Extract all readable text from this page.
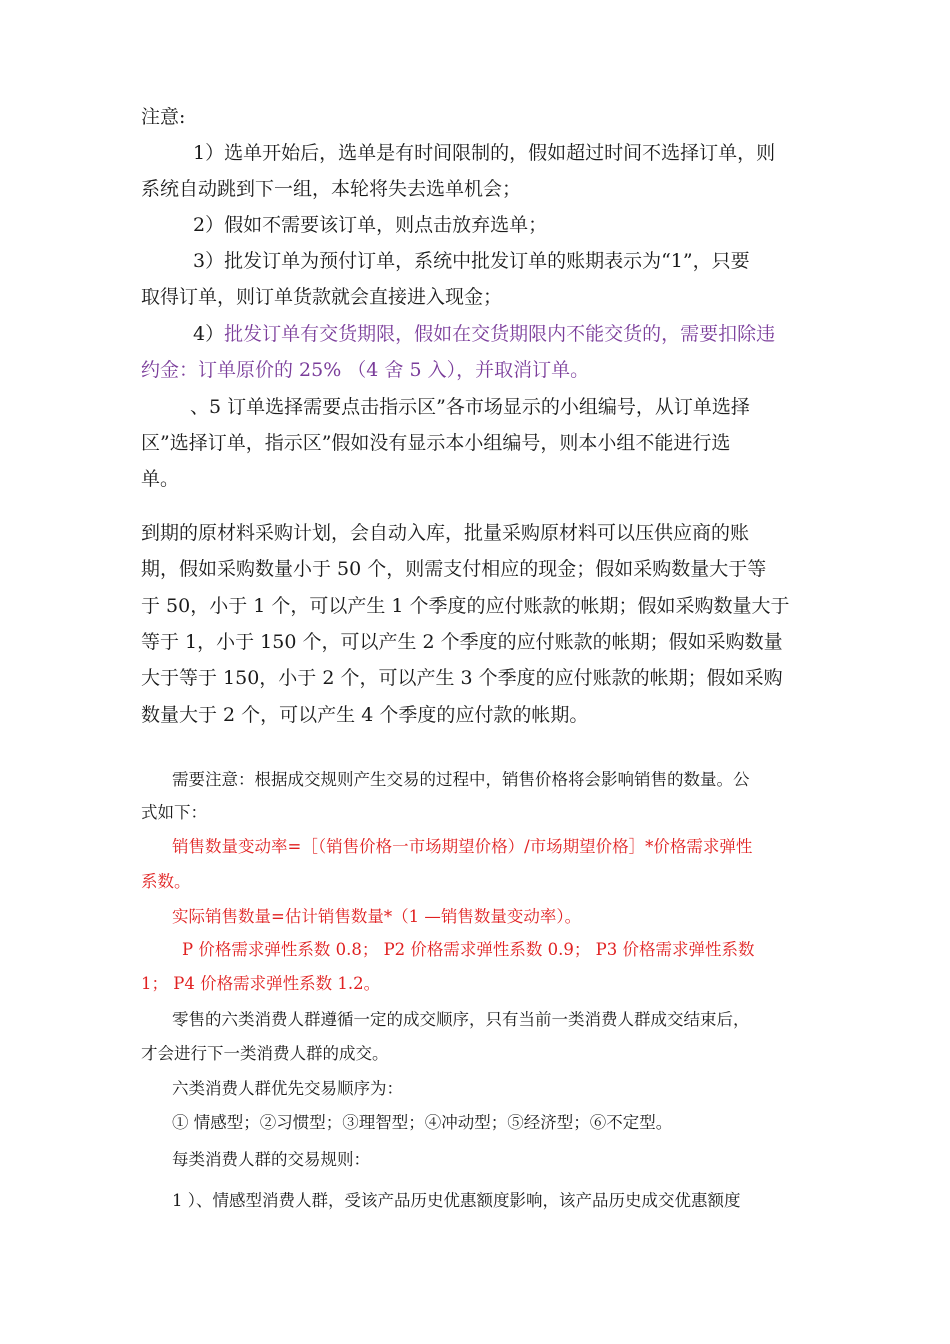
注意:
1）选单开始后，选单是有时间限制的，假如超过时间不选择订单，则
系统自动跳到下一组，本轮将失去选单机会；
2）假如不需要该订单，则点击放弃选单；
3）批发订单为预付订单，系统中批发订单的账期表示为“1”，只要
取得订单，则订单货款就会直接进入现金；
4）批发订单有交货期限，假如在交货期限内不能交货的，需要扣除违
约金：订单原价的 25% （4 舍 5 入），并取消订单。
、5 订单选择需要点击指示区”各市场显示的小组编号，从订单选择
区”选择订单，指示区”假如没有显示本小组编号，则本小组不能进行选
单。
到期的原材料采购计划，会自动入库，批量采购原材料可以压供应商的账
期，假如采购数量小于 50 个，则需支付相应的现金；假如采购数量大于等
于 50，小于 1 个，可以产生 1 个季度的应付账款的帐期；假如采购数量大于
等于 1，小于 150 个，可以产生 2 个季度的应付账款的帐期；假如采购数量
大于等于 150，小于 2 个，可以产生 3 个季度的应付账款的帐期；假如采购
数量大于 2 个，可以产生 4 个季度的应付款的帐期。
需要注意：根据成交规则产生交易的过程中，销售价格将会影响销售的数量。公
式如下：
销售数量变动率=［（销售价格一市场期望价格）/市场期望价格］*价格需求弹性
系数。
实际销售数量=估计销售数量*（1 —销售数量变动率）。
P 价格需求弹性系数 0.8； P2 价格需求弹性系数 0.9； P3 价格需求弹性系数
1； P4 价格需求弹性系数 1.2。
零售的六类消费人群遵循一定的成交顺序，只有当前一类消费人群成交结束后，
才会进行下一类消费人群的成交。
六类消费人群优先交易顺序为：
① 情感型；②习惯型；③理智型；④冲动型；⑤经济型；⑥不定型。
每类消费人群的交易规则：
1 ）、情感型消费人群，受该产品历史优惠额度影响，该产品历史成交优惠额度
